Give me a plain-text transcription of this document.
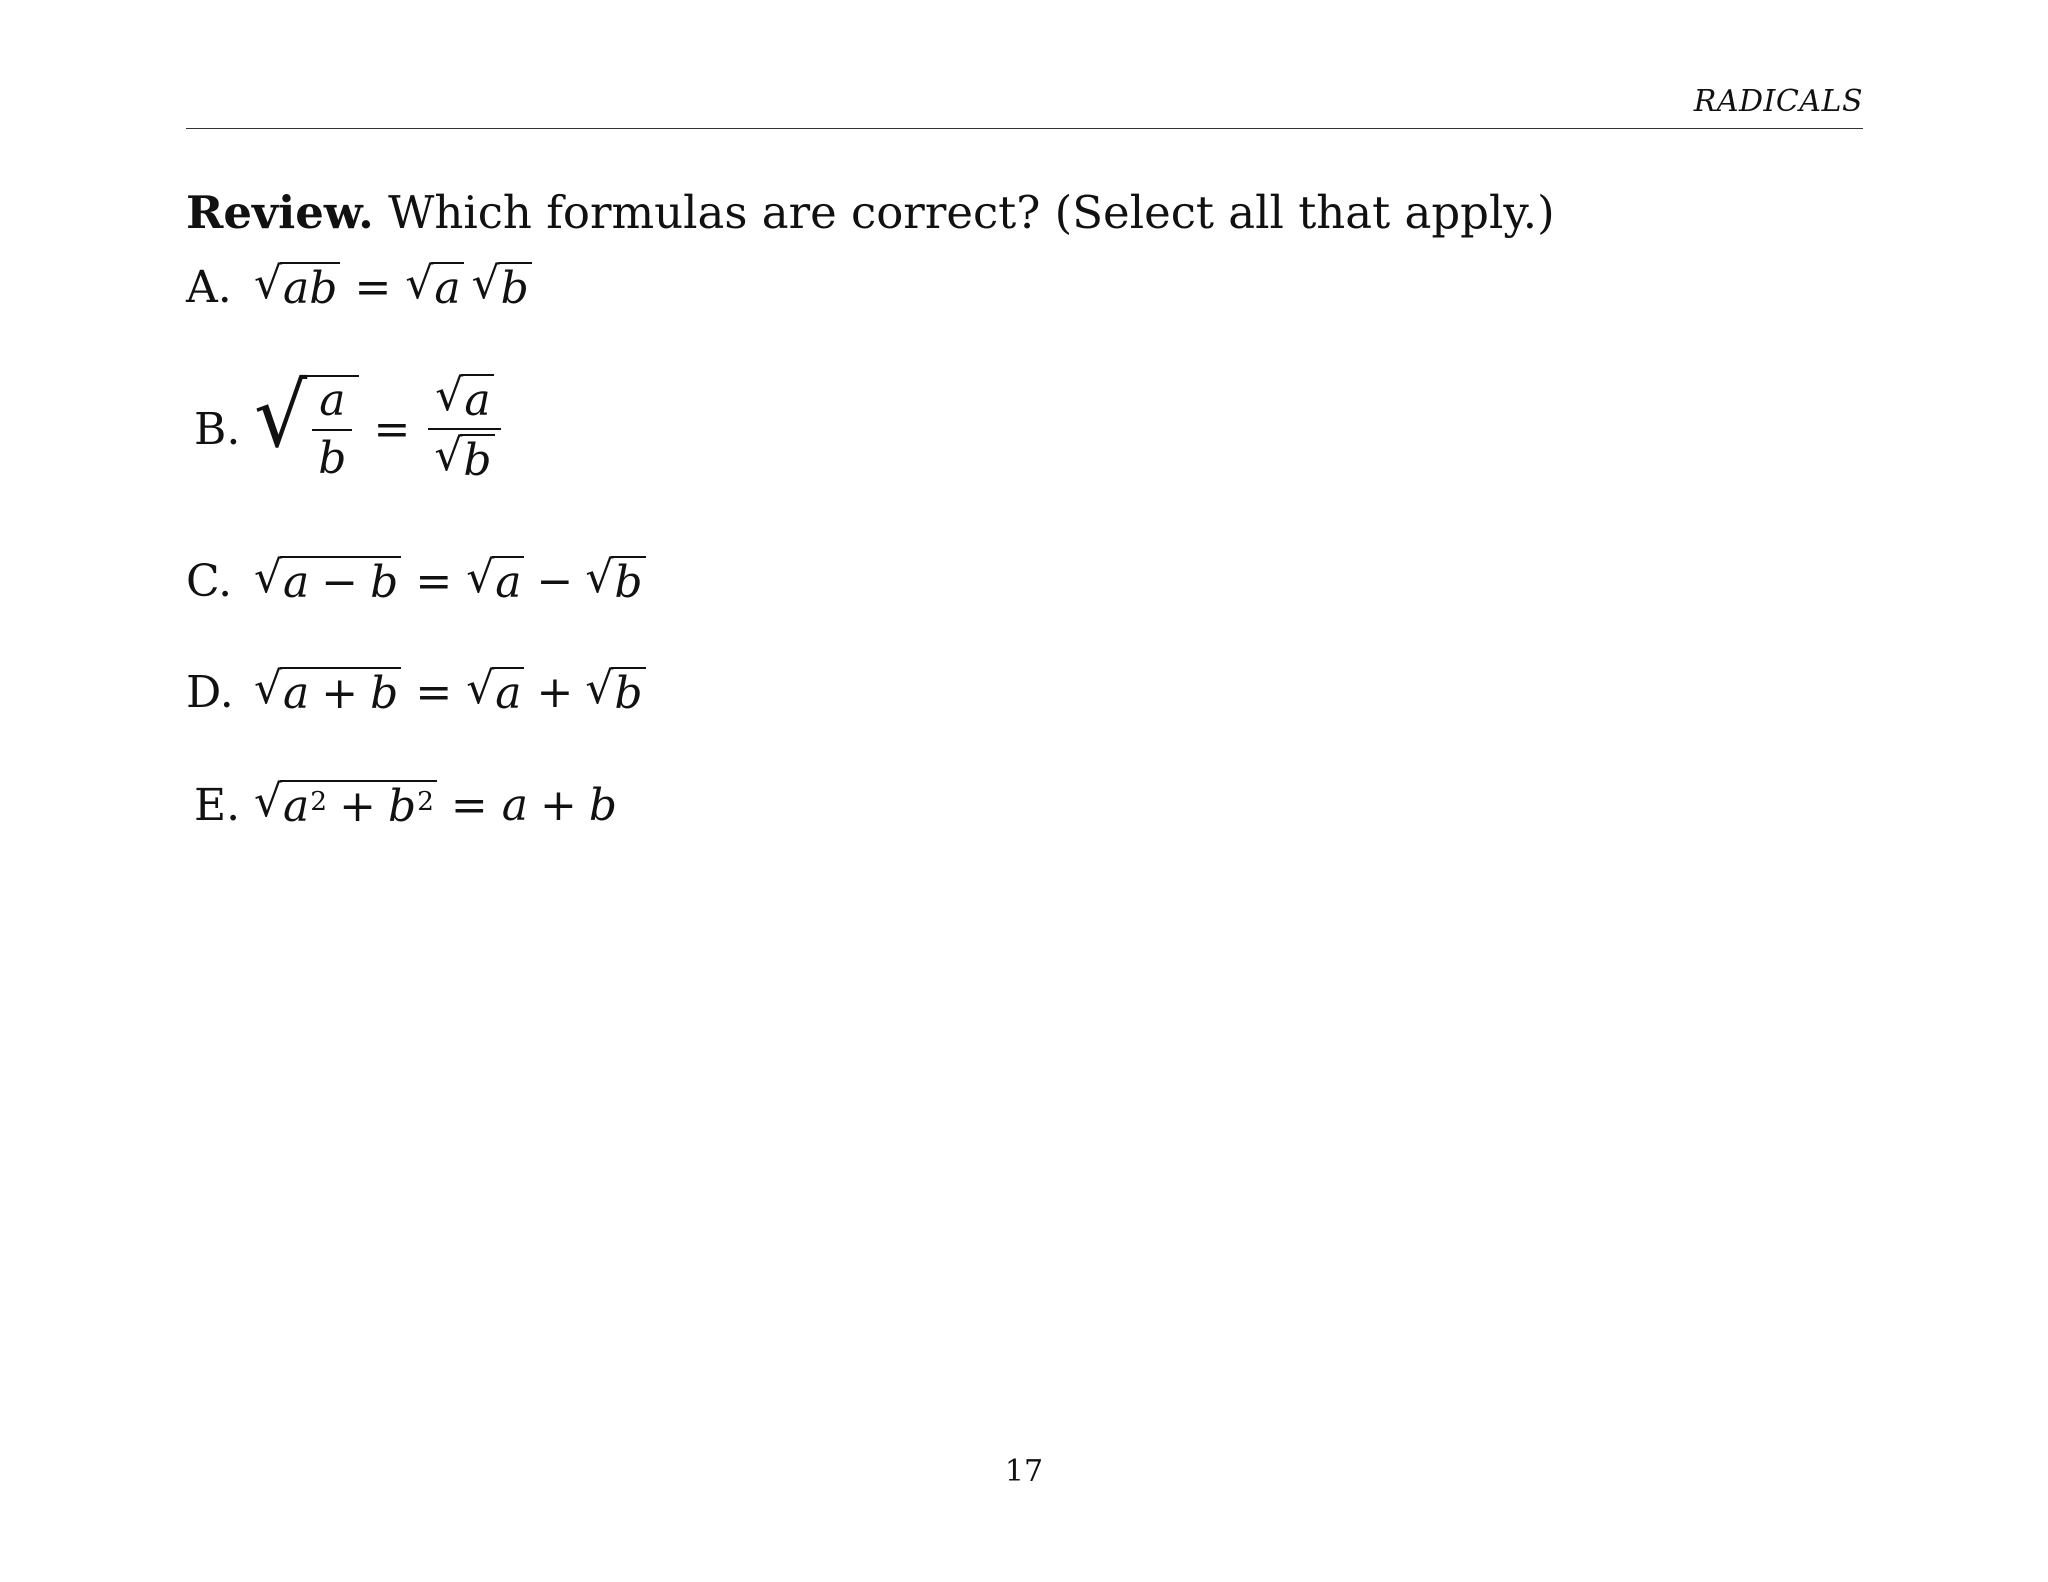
RADICALS
Review. Which formulas are correct? (Select all that apply.)
A. √ ab = √ a √ b
B. √ $\frac{a}{b} = \frac{√ a}{√ b}$
C. √ a − b = √ a − √ b
D. √ a + b = √ a + √ b
E. √ $a^2 + b^2 = a + b$
17
